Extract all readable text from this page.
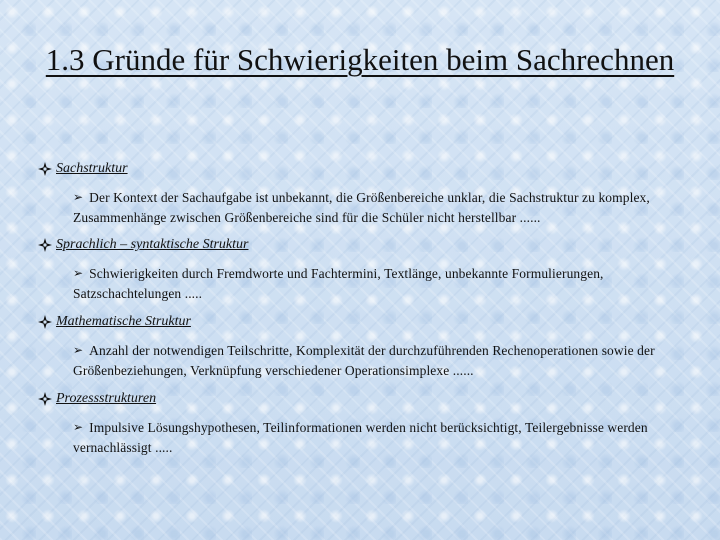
1.3 Gründe für Schwierigkeiten beim Sachrechnen
Sachstruktur
➢ Der Kontext der Sachaufgabe ist unbekannt, die Größenbereiche unklar, die Sachstruktur zu komplex, Zusammenhänge zwischen Größenbereiche sind für die Schüler nicht herstellbar ......
Sprachlich – syntaktische Struktur
➢ Schwierigkeiten durch Fremdworte und Fachtermini, Textlänge, unbekannte Formulierungen, Satzschachtelungen .....
Mathematische Struktur
➢ Anzahl der notwendigen Teilschritte, Komplexität der durchzuführenden Rechenoperationen sowie der Größenbeziehungen, Verknüpfung verschiedener Operationsimplexe ......
Prozessstrukturen
➢ Impulsive Lösungshypothesen, Teilinformationen werden nicht berücksichtigt, Teilergebnisse werden vernachlässigt .....
